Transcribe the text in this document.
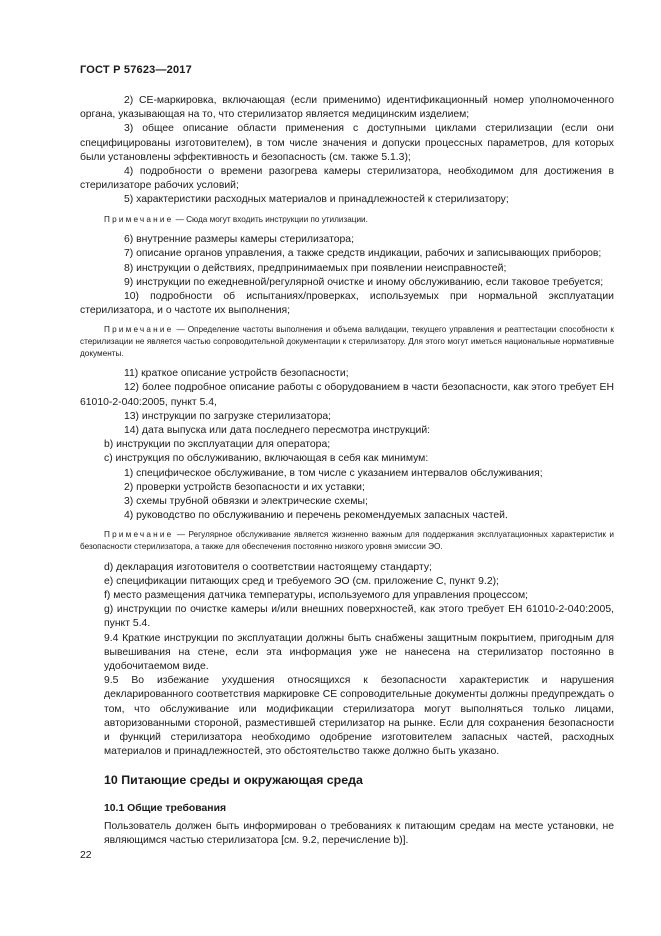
ГОСТ Р 57623—2017

2) СЕ-маркировка, включающая (если применимо) идентификационный номер уполномоченного органа, указывающая на то, что стерилизатор является медицинским изделием;

3) общее описание области применения с доступными циклами стерилизации (если они специфицированы изготовителем), в том числе значения и допуски процессных параметров, для которых были установлены эффективность и безопасность (см. также 5.1.3);

4) подробности о времени разогрева камеры стерилизатора, необходимом для достижения в стерилизаторе рабочих условий;

5) характеристики расходных материалов и принадлежностей к стерилизатору;

Примечание — Сюда могут входить инструкции по утилизации.

6) внутренние размеры камеры стерилизатора;

7) описание органов управления, а также средств индикации, рабочих и записывающих приборов;

8) инструкции о действиях, предпринимаемых при появлении неисправностей;

9) инструкции по ежедневной/регулярной очистке и иному обслуживанию, если таковое требуется;

10) подробности об испытаниях/проверках, используемых при нормальной эксплуатации стерилизатора, и о частоте их выполнения;

Примечание — Определение частоты выполнения и объема валидации, текущего управления и реаттестации способности к стерилизации не является частью сопроводительной документации к стерилизатору. Для этого могут иметься национальные нормативные документы.

11) краткое описание устройств безопасности;

12) более подробное описание работы с оборудованием в части безопасности, как этого требует ЕН 61010-2-040:2005, пункт 5.4,

13) инструкции по загрузке стерилизатора;

14) дата выпуска или дата последнего пересмотра инструкций:

b) инструкции по эксплуатации для оператора;

c) инструкция по обслуживанию, включающая в себя как минимум:

1) специфическое обслуживание, в том числе с указанием интервалов обслуживания;

2) проверки устройств безопасности и их уставки;

3) схемы трубной обвязки и электрические схемы;

4) руководство по обслуживанию и перечень рекомендуемых запасных частей.

Примечание — Регулярное обслуживание является жизненно важным для поддержания эксплуатационных характеристик и безопасности стерилизатора, а также для обеспечения постоянно низкого уровня эмиссии ЭО.

d) декларация изготовителя о соответствии настоящему стандарту;

e) спецификации питающих сред и требуемого ЭО (см. приложение С, пункт 9.2);

f) место размещения датчика температуры, используемого для управления процессом;

g) инструкции по очистке камеры и/или внешних поверхностей, как этого требует ЕН 61010-2-040:2005, пункт 5.4.

9.4 Краткие инструкции по эксплуатации должны быть снабжены защитным покрытием, пригодным для вывешивания на стене, если эта информация уже не нанесена на стерилизатор постоянно в удобочитаемом виде.

9.5 Во избежание ухудшения относящихся к безопасности характеристик и нарушения декларированного соответствия маркировке СЕ сопроводительные документы должны предупреждать о том, что обслуживание или модификации стерилизатора могут выполняться только лицами, авторизованными стороной, разместившей стерилизатор на рынке. Если для сохранения безопасности и функций стерилизатора необходимо одобрение изготовителем запасных частей, расходных материалов и принадлежностей, это обстоятельство также должно быть указано.

10 Питающие среды и окружающая среда

10.1 Общие требования

Пользователь должен быть информирован о требованиях к питающим средам на месте установки, не являющимся частью стерилизатора [см. 9.2, перечисление b)].

22
